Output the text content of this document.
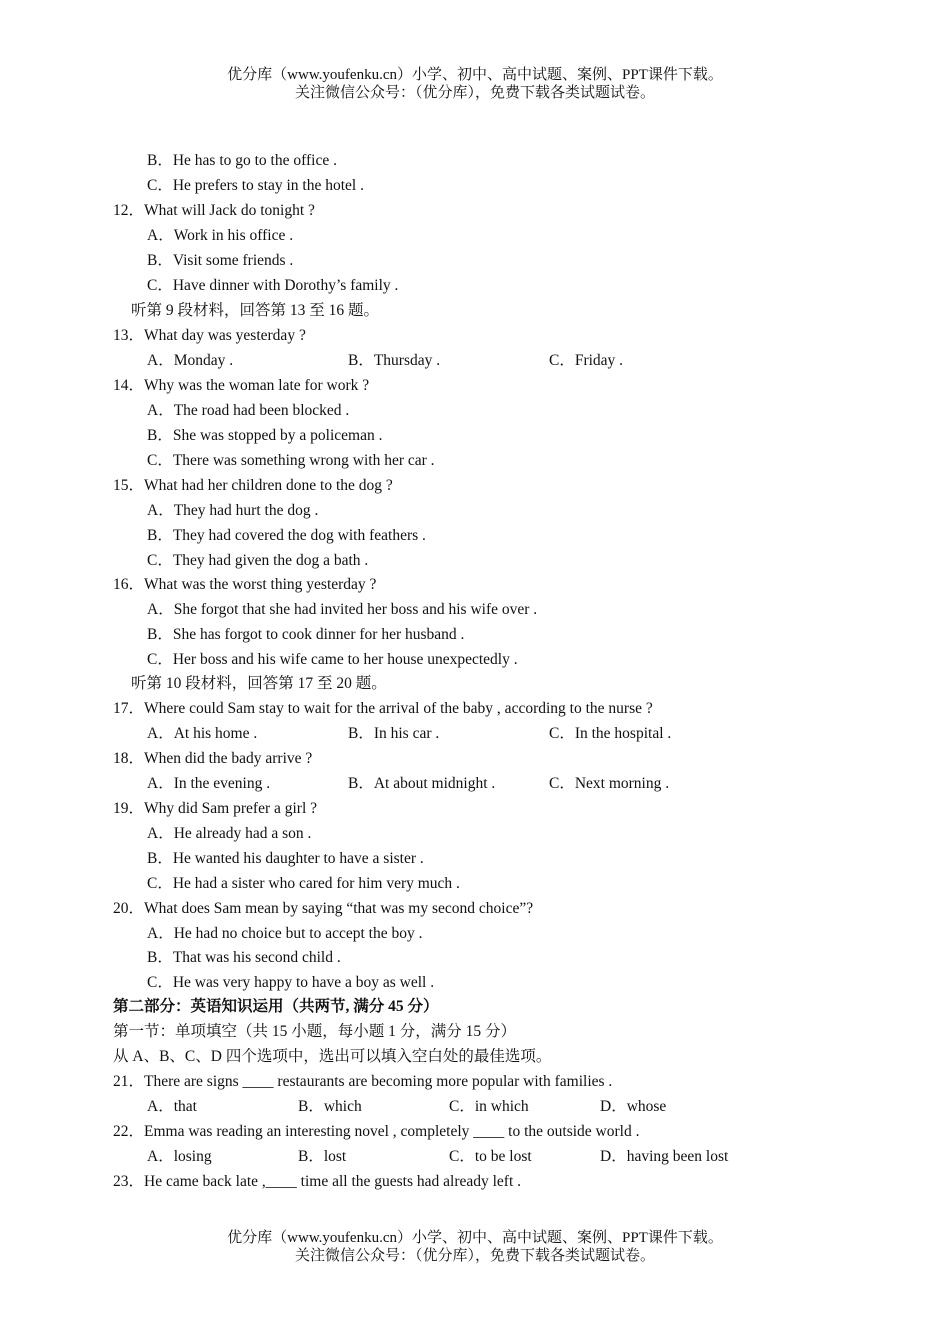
优分库（www.youfenku.cn）小学、初中、高中试题、案例、PPT课件下载。
关注微信公众号：（优分库），免费下载各类试题试卷。
B．He has to go to the office .
C．He prefers to stay in the hotel .
12．What will Jack do tonight ?
A．Work in his office .
B．Visit some friends .
C．Have dinner with Dorothy’s family .
听第 9 段材料，回答第 13 至 16 题。
13．What day was yesterday ?
A．Monday .	B．Thursday .	C．Friday .
14．Why was the woman late for work ?
A．The road had been blocked .
B．She was stopped by a policeman .
C．There was something wrong with her car .
15．What had her children done to the dog ?
A．They had hurt the dog .
B．They had covered the dog with feathers .
C．They had given the dog a bath .
16．What was the worst thing yesterday ?
A．She forgot that she had invited her boss and his wife over .
B．She has forgot to cook dinner for her husband .
C．Her boss and his wife came to her house unexpectedly .
听第 10 段材料，回答第 17 至 20 题。
17．Where could Sam stay to wait for the arrival of the baby , according to the nurse ?
A．At his home .	B．In his car .	C．In the hospital .
18．When did the bady arrive ?
A．In the evening .	B．At about midnight .	C．Next morning .
19．Why did Sam prefer a girl ?
A．He already had a son .
B．He wanted his daughter to have a sister .
C．He had a sister who cared for him very much .
20．What does Sam mean by saying “that was my second choice”?
A．He had no choice but to accept the boy .
B．That was his second child .
C．He was very happy to have a boy as well .
第二部分：英语知识运用（共两节, 满分 45 分）
第一节：单项填空（共 15 小题，每小题 1 分，满分 15 分）
从 A、B、C、D 四个选项中，选出可以填入空白处的最佳选项。
21．There are signs ____ restaurants are becoming more popular with families .
A．that	B．which	C．in which	D．whose
22．Emma was reading an interesting novel , completely ____ to the outside world .
A．losing	B．lost	C．to be lost	D．having been lost
23．He came back late ,____ time all the guests had already left .
优分库（www.youfenku.cn）小学、初中、高中试题、案例、PPT课件下载。
关注微信公众号：（优分库），免费下载各类试题试卷。
